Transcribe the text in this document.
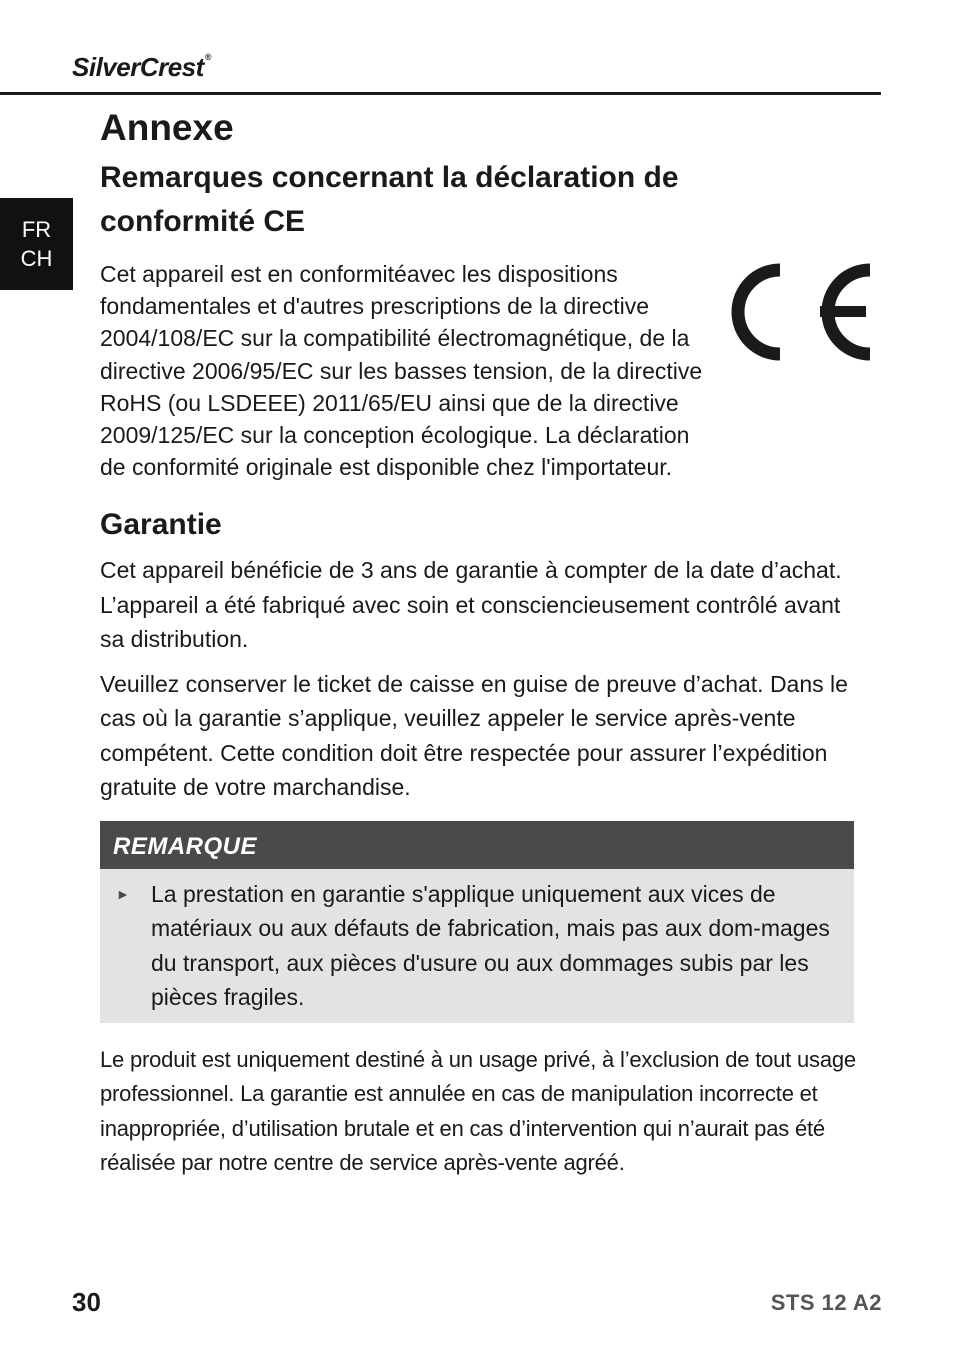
SilverCrest®
FR
CH
Annexe
Remarques concernant la déclaration de conformité CE

Cet appareil est en conformitéavec les dispositions fondamentales et d'autres prescriptions de la directive 2004/108/EC sur la compatibilité électromagnétique, de la directive 2006/95/EC sur les basses tension, de la directive RoHS (ou LSDEEE) 2011/65/EU ainsi que de la directive 2009/125/EC sur la conception écologique. La déclaration de conformité originale est disponible chez l'importateur.

Garantie

Cet appareil bénéficie de 3 ans de garantie à compter de la date d’achat. L’appareil a été fabriqué avec soin et consciencieusement contrôlé avant sa distribution.

Veuillez conserver le ticket de caisse en guise de preuve d’achat. Dans le cas où la garantie s’applique, veuillez appeler le service après-vente compétent. Cette condition doit être respectée pour assurer l’expédition gratuite de votre marchandise.

REMARQUE
► La prestation en garantie s'applique uniquement aux vices de matériaux ou aux défauts de fabrication, mais pas aux dom-mages du transport, aux pièces d'usure ou aux dommages subis par les pièces fragiles.

Le produit est uniquement destiné à un usage privé, à l’exclusion de tout usage professionnel. La garantie est annulée en cas de manipulation incorrecte et inappropriée, d’utilisation brutale et en cas d’intervention qui n’aurait pas été réalisée par notre centre de service après-vente agréé.

30	STS 12 A2
